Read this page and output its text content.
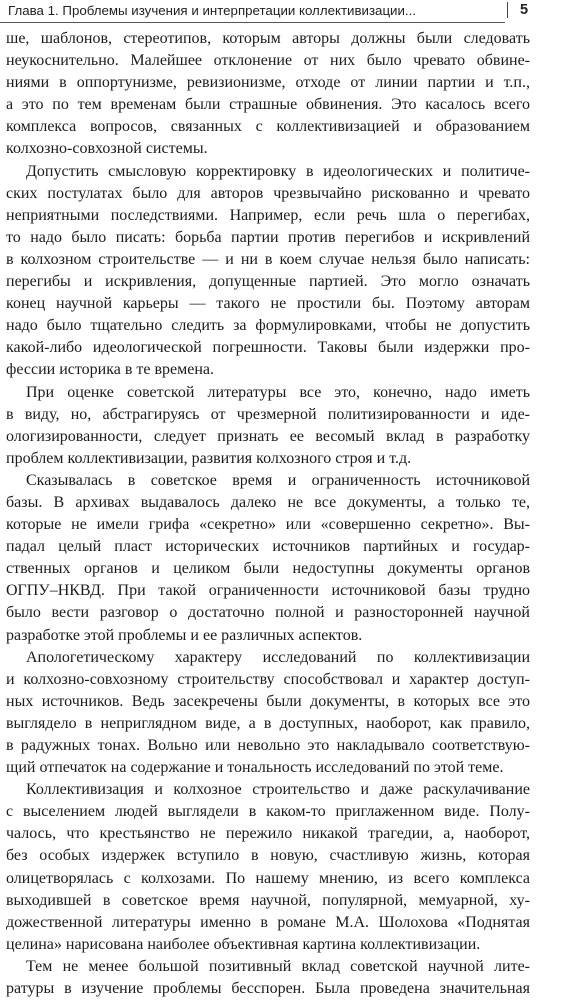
Глава 1. Проблемы изучения и интерпретации коллективизации...	5
ше, шаблонов, стереотипов, которым авторы должны были следовать
неукоснительно. Малейшее отклонение от них было чревато обвине-
ниями в оппортунизме, ревизионизме, отходе от линии партии и т.п.,
а это по тем временам были страшные обвинения. Это касалось всего
комплекса вопросов, связанных с коллективизацией и образованием
колхозно-совхозной системы.
Допустить смысловую корректировку в идеологических и политиче-
ских постулатах было для авторов чрезвычайно рискованно и чревато
неприятными последствиями. Например, если речь шла о перегибах,
то надо было писать: борьба партии против перегибов и искривлений
в колхозном строительстве — и ни в коем случае нельзя было написать:
перегибы и искривления, допущенные партией. Это могло означать
конец научной карьеры — такого не простили бы. Поэтому авторам
надо было тщательно следить за формулировками, чтобы не допустить
какой-либо идеологической погрешности. Таковы были издержки про-
фессии историка в те времена.
При оценке советской литературы все это, конечно, надо иметь
в виду, но, абстрагируясь от чрезмерной политизированности и иде-
ологизированности, следует признать ее весомый вклад в разработку
проблем коллективизации, развития колхозного строя и т.д.
Сказывалась в советское время и ограниченность источниковой
базы. В архивах выдавалось далеко не все документы, а только те,
которые не имели грифа «секретно» или «совершенно секретно». Вы-
падал целый пласт исторических источников партийных и государ-
ственных органов и целиком были недоступны документы органов
ОГПУ–НКВД. При такой ограниченности источниковой базы трудно
было вести разговор о достаточно полной и разносторонней научной
разработке этой проблемы и ее различных аспектов.
Апологетическому характеру исследований по коллективизации
и колхозно-совхозному строительству способствовал и характер доступ-
ных источников. Ведь засекречены были документы, в которых все это
выглядело в неприглядном виде, а в доступных, наоборот, как правило,
в радужных тонах. Вольно или невольно это накладывало соответствую-
щий отпечаток на содержание и тональность исследований по этой теме.
Коллективизация и колхозное строительство и даже раскулачивание
с выселением людей выглядели в каком-то приглаженном виде. Полу-
чалось, что крестьянство не пережило никакой трагедии, а, наоборот,
без особых издержек вступило в новую, счастливую жизнь, которая
олицетворялась с колхозами. По нашему мнению, из всего комплекса
выходившей в советское время научной, популярной, мемуарной, ху-
дожественной литературы именно в романе М.А. Шолохова «Поднятая
целина» нарисована наиболее объективная картина коллективизации.
Тем не менее большой позитивный вклад советской научной лите-
ратуры в изучение проблемы бесспорен. Была проведена значительная
